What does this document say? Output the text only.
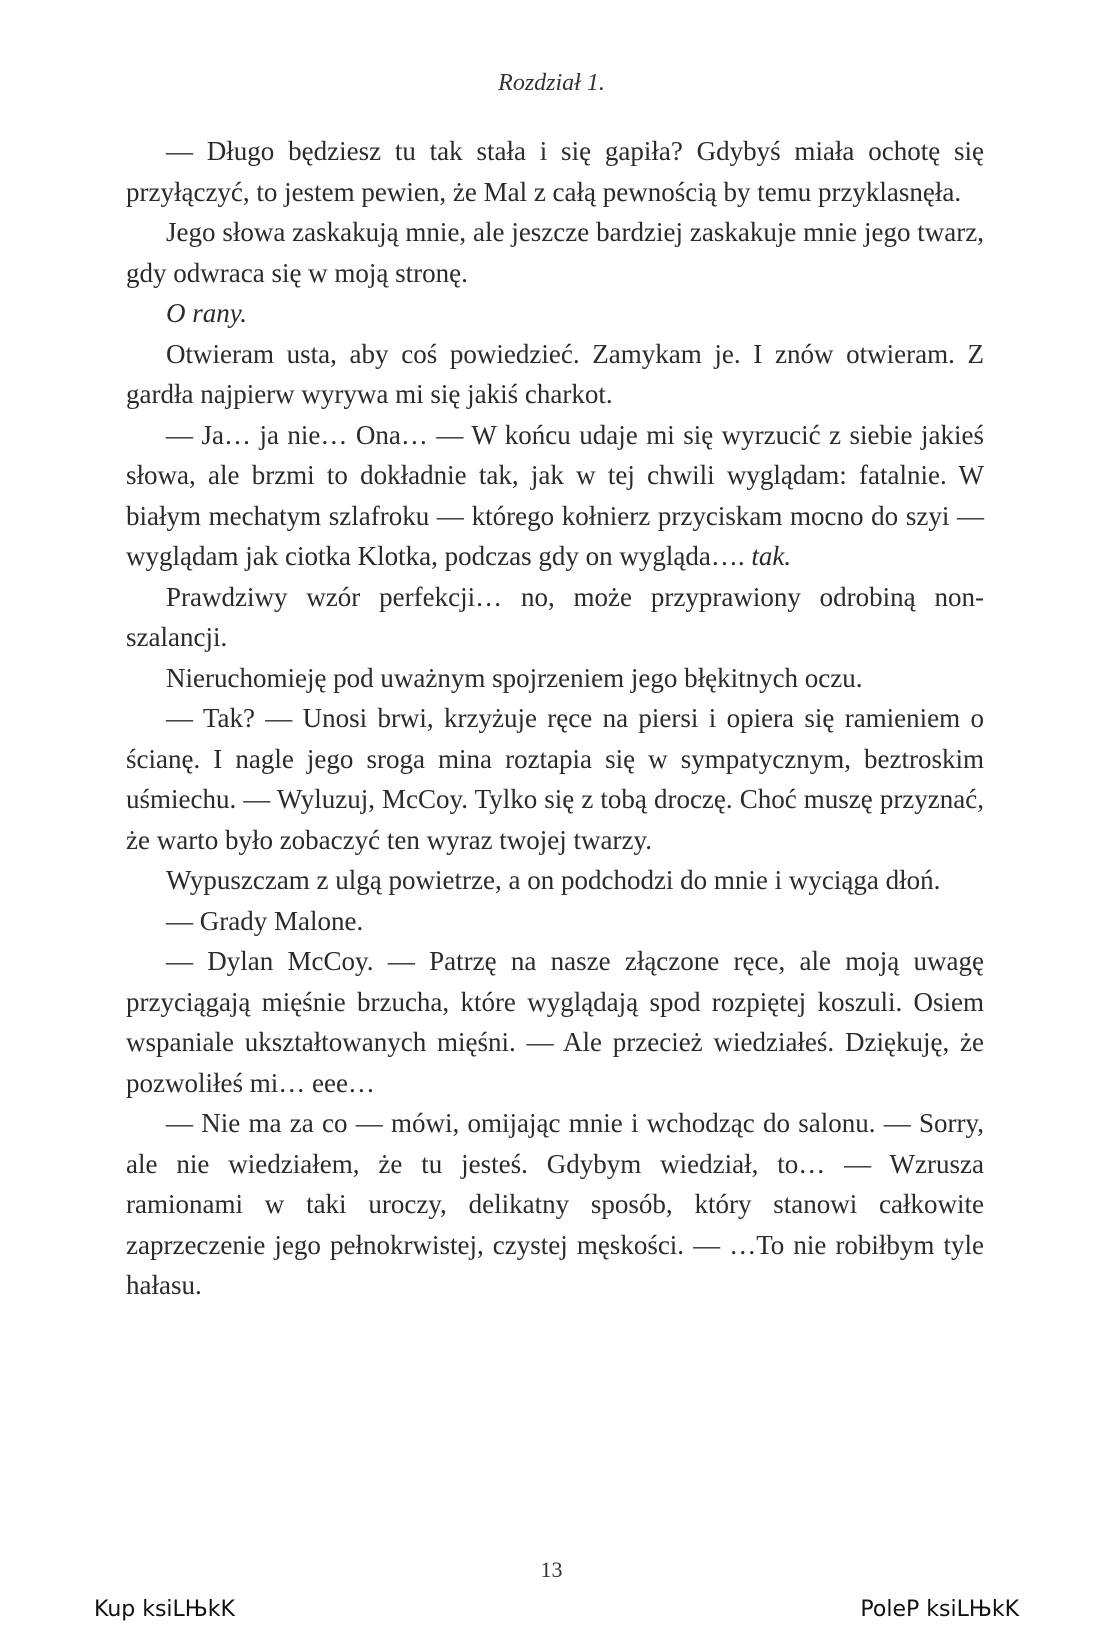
Rozdział 1.

— Długo będziesz tu tak stała i się gapiła? Gdybyś miała ochotę się przyłączyć, to jestem pewien, że Mal z całą pewnością by temu przyklasnęła.

Jego słowa zaskakują mnie, ale jeszcze bardziej zaskakuje mnie jego twarz, gdy odwraca się w moją stronę.

O rany.

Otwieram usta, aby coś powiedzieć. Zamykam je. I znów otwieram. Z gardła najpierw wyrywa mi się jakiś charkot.

— Ja… ja nie… Ona… — W końcu udaje mi się wyrzucić z siebie jakieś słowa, ale brzmi to dokładnie tak, jak w tej chwili wyglądam: fatalnie. W białym mechatym szlafroku — którego kołnierz przyciskam mocno do szyi — wyglądam jak ciotka Klotka, podczas gdy on wygląda…. tak.

Prawdziwy wzór perfekcji… no, może przyprawiony odrobiną nonszalancji.

Nieruchomieję pod uważnym spojrzeniem jego błękitnych oczu.

— Tak? — Unosi brwi, krzyżuje ręce na piersi i opiera się ramieniem o ścianę. I nagle jego sroga mina roztapia się w sympatycznym, beztroskim uśmiechu. — Wyluzuj, McCoy. Tylko się z tobą droczę. Choć muszę przyznać, że warto było zobaczyć ten wyraz twojej twarzy.

Wypuszczam z ulgą powietrze, a on podchodzi do mnie i wyciąga dłoń.

— Grady Malone.

— Dylan McCoy. — Patrzę na nasze złączone ręce, ale moją uwagę przyciągają mięśnie brzucha, które wyglądają spod rozpiętej koszuli. Osiem wspaniale ukształtowanych mięśni. — Ale przecież wiedziałeś. Dziękuję, że pozwoliłeś mi… eee…

— Nie ma za co — mówi, omijając mnie i wchodząc do salonu. — Sorry, ale nie wiedziałem, że tu jesteś. Gdybym wiedział, to… — Wzrusza ramionami w taki uroczy, delikatny sposób, który stanowi całkowite zaprzeczenie jego pełnokrwistej, czystej męskości. — …To nie robiłbym tyle hałasu.

13
Kup ksiLЊkK	PoleP ksiLЊkK
